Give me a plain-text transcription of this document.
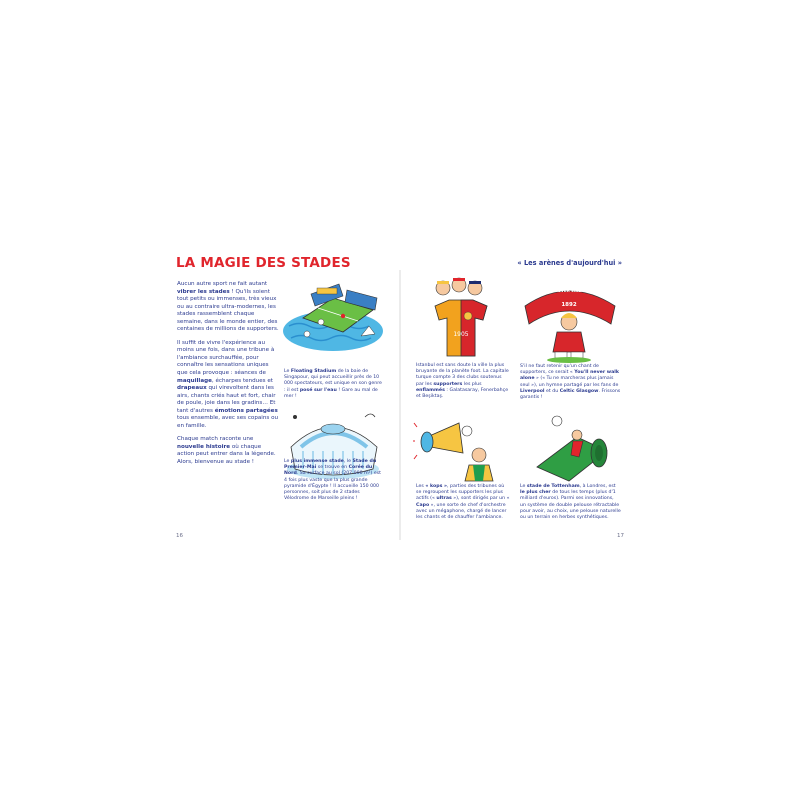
LA MAGIE DES STADES	« Les arènes d'aujourd'hui »

Aucun autre sport ne fait autant vibrer les stades ! Qu'ils soient tout petits ou immenses, très vieux ou au contraire ultra-modernes, les stades rassemblent chaque semaine, dans le monde entier, des centaines de millions de supporters.

Il suffit de vivre l'expérience au moins une fois, dans une tribune à l'ambiance surchauffée, pour connaître les sensations uniques que cela provoque : séances de maquillage, écharpes tendues et drapeaux qui virevoltent dans les airs, chants criés haut et fort, chair de poule, joie dans les gradins… Et tant d'autres émotions partagées tous ensemble, avec ses copains ou en famille.

Chaque match raconte une nouvelle histoire où chaque action peut entrer dans la légende. Alors, bienvenue au stade !

Le Floating Stadium de la baie de Singapour, qui peut accueillir près de 10 000 spectateurs, est unique en son genre : il est posé sur l'eau ! Gare au mal de mer !

1905

Istanbul est sans doute la ville la plus bruyante de la planète foot. La capitale turque compte 3 des clubs soutenus par les supporters les plus enflammés : Galatasaray, Fenerbahçe et Beşiktaş.

1892
YOU'LL NEVER WALK ALONE

S'il ne faut retenir qu'un chant de supporters, ce serait « You'll never walk alone » (« Tu ne marcheras plus jamais seul »), un hymne partagé par les fans de Liverpool et du Celtic Glasgow. Frissons garantis !

Le plus immense stade, le Stade du Premier-Mai se trouve en Corée du Nord. Sa surface au sol (207 000 m²) est 4 fois plus vaste que la plus grande pyramide d'Égypte ! Il accueille 150 000 personnes, soit plus de 2 stades Vélodrome de Marseille pleins !

Les « kops », parties des tribunes où se regroupent les supporters les plus actifs (« ultras »), sont dirigés par un « Capo », une sorte de chef d'orchestre avec un mégaphone, chargé de lancer les chants et de chauffer l'ambiance.

Le stade de Tottenham, à Londres, est le plus cher de tous les temps (plus d'1 milliard d'euros). Parmi ses innovations, un système de double pelouse rétractable pour avoir, au choix, une pelouse naturelle ou un terrain en herbes synthétiques.

16	17
